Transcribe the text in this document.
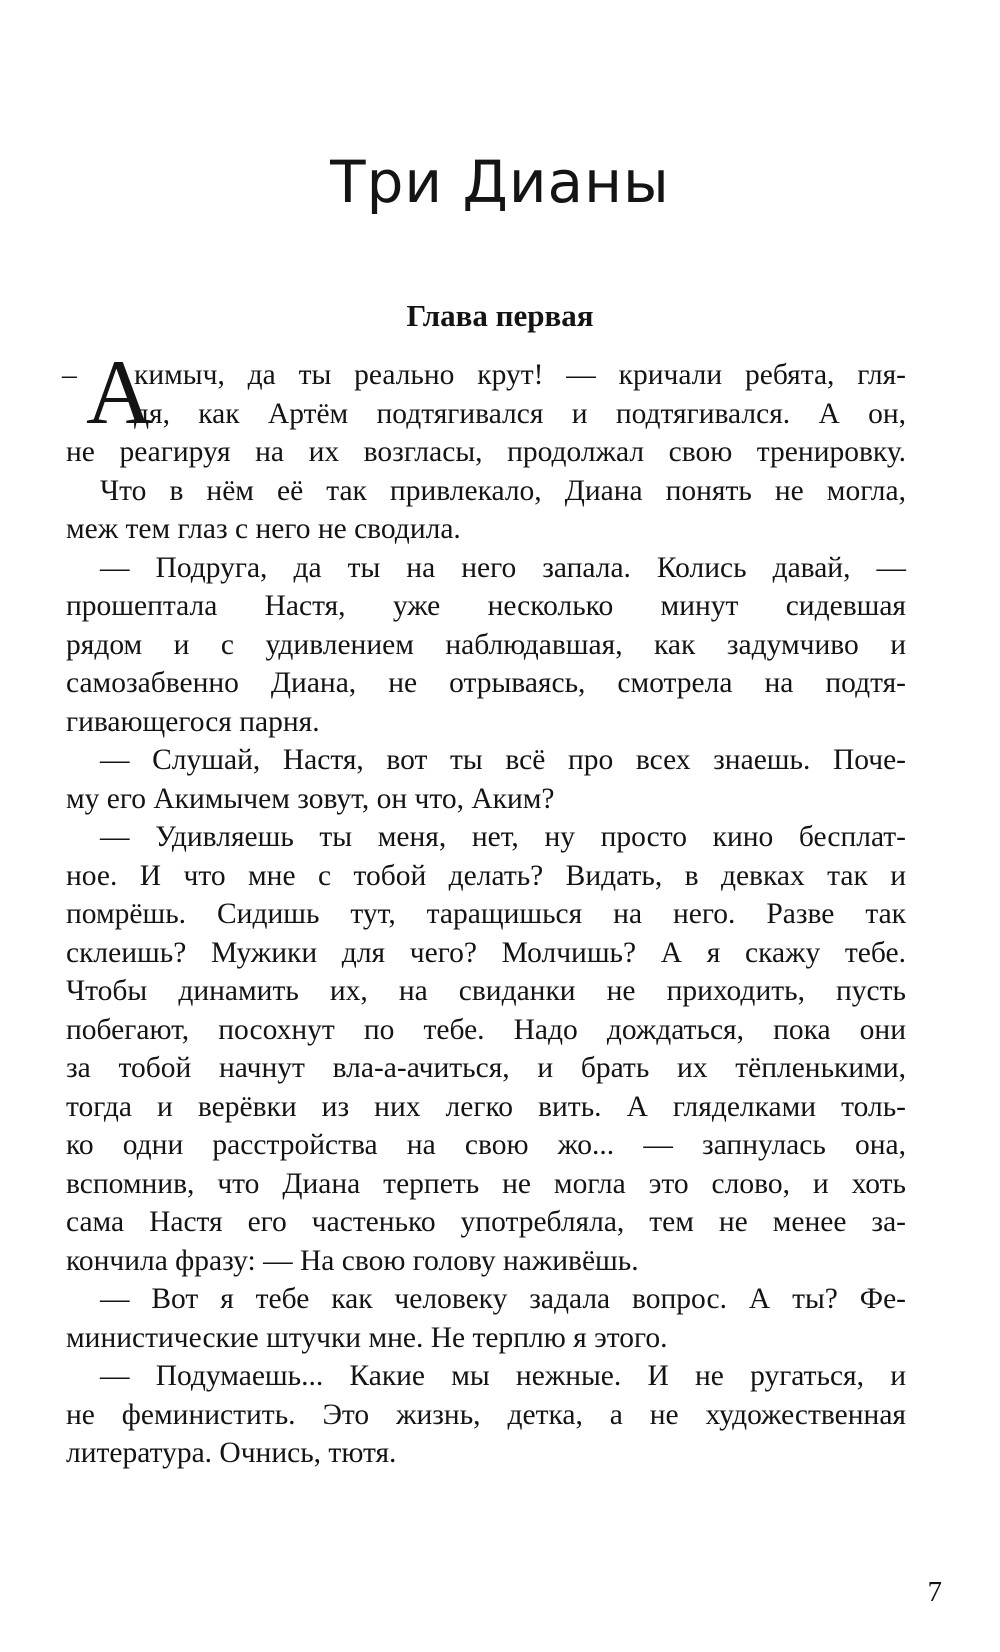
Три Дианы
Глава первая
– А
кимыч, да ты реально крут! — кричали ребята, гля-
дя, как Артём подтягивался и подтягивался. А он,
не реагируя на их возгласы, продолжал свою тренировку.
Что в нём её так привлекало, Диана понять не могла,
меж тем глаз с него не сводила.
— Подруга, да ты на него запала. Колись давай, —
прошептала Настя, уже несколько минут сидевшая
рядом и с удивлением наблюдавшая, как задумчиво и
самозабвенно Диана, не отрываясь, смотрела на подтя-
гивающегося парня.
— Слушай, Настя, вот ты всё про всех знаешь. Поче-
му его Акимычем зовут, он что, Аким?
— Удивляешь ты меня, нет, ну просто кино бесплат-
ное. И что мне с тобой делать? Видать, в девках так и
помрёшь. Сидишь тут, таращишься на него. Разве так
склеишь? Мужики для чего? Молчишь? А я скажу тебе.
Чтобы динамить их, на свиданки не приходить, пусть
побегают, посохнут по тебе. Надо дождаться, пока они
за тобой начнут вла-а-ачиться, и брать их тёпленькими,
тогда и верёвки из них легко вить. А гляделками толь-
ко одни расстройства на свою жо... — запнулась она,
вспомнив, что Диана терпеть не могла это слово, и хоть
сама Настя его частенько употребляла, тем не менее за-
кончила фразу: — На свою голову наживёшь.
— Вот я тебе как человеку задала вопрос. А ты? Фе-
министические штучки мне. Не терплю я этого.
— Подумаешь... Какие мы нежные. И не ругаться, и
не феминистить. Это жизнь, детка, а не художественная
литература. Очнись, тютя.
7
